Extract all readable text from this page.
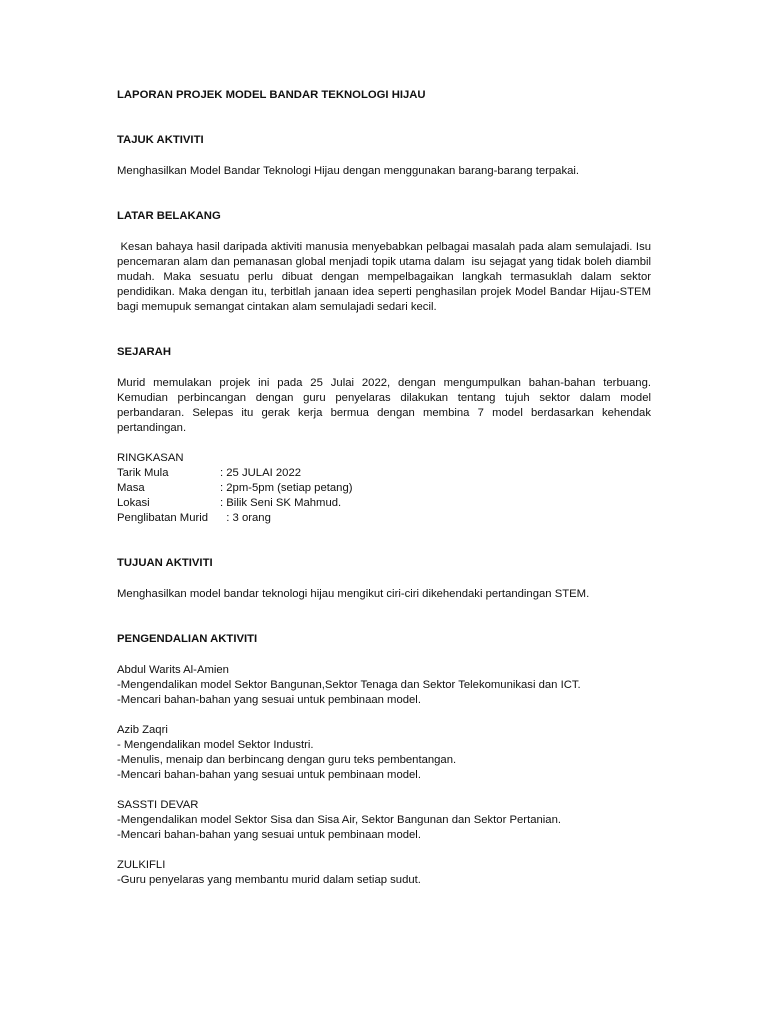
LAPORAN PROJEK MODEL BANDAR TEKNOLOGI HIJAU

TAJUK AKTIVITI

Menghasilkan Model Bandar Teknologi Hijau dengan menggunakan barang-barang terpakai.

LATAR BELAKANG

Kesan bahaya hasil daripada aktiviti manusia menyebabkan pelbagai masalah pada alam semulajadi. Isu pencemaran alam dan pemanasan global menjadi topik utama dalam  isu sejagat yang tidak boleh diambil mudah. Maka sesuatu perlu dibuat dengan mempelbagaikan langkah termasuklah dalam sektor pendidikan. Maka dengan itu, terbitlah janaan idea seperti penghasilan projek Model Bandar Hijau-STEM bagi memupuk semangat cintakan alam semulajadi sedari kecil.

SEJARAH

Murid memulakan projek ini pada 25 Julai 2022, dengan mengumpulkan bahan-bahan terbuang. Kemudian perbincangan dengan guru penyelaras dilakukan tentang tujuh sektor dalam model perbandaran. Selepas itu gerak kerja bermua dengan membina 7 model berdasarkan kehendak pertandingan.

RINGKASAN

Tarik Mula	: 25 JULAI 2022
Masa	: 2pm-5pm (setiap petang)
Lokasi	: Bilik Seni SK Mahmud.
Penglibatan Murid	: 3 orang

TUJUAN AKTIVITI

Menghasilkan model bandar teknologi hijau mengikut ciri-ciri dikehendaki pertandingan STEM.

PENGENDALIAN AKTIVITI

Abdul Warits Al-Amien

-Mengendalikan model Sektor Bangunan,Sektor Tenaga dan Sektor Telekomunikasi dan ICT.

-Mencari bahan-bahan yang sesuai untuk pembinaan model.

Azib Zaqri

- Mengendalikan model Sektor Industri.

-Menulis, menaip dan berbincang dengan guru teks pembentangan.

-Mencari bahan-bahan yang sesuai untuk pembinaan model.

SASSTI DEVAR

-Mengendalikan model Sektor Sisa dan Sisa Air, Sektor Bangunan dan Sektor Pertanian.

-Mencari bahan-bahan yang sesuai untuk pembinaan model.

ZULKIFLI

-Guru penyelaras yang membantu murid dalam setiap sudut.
